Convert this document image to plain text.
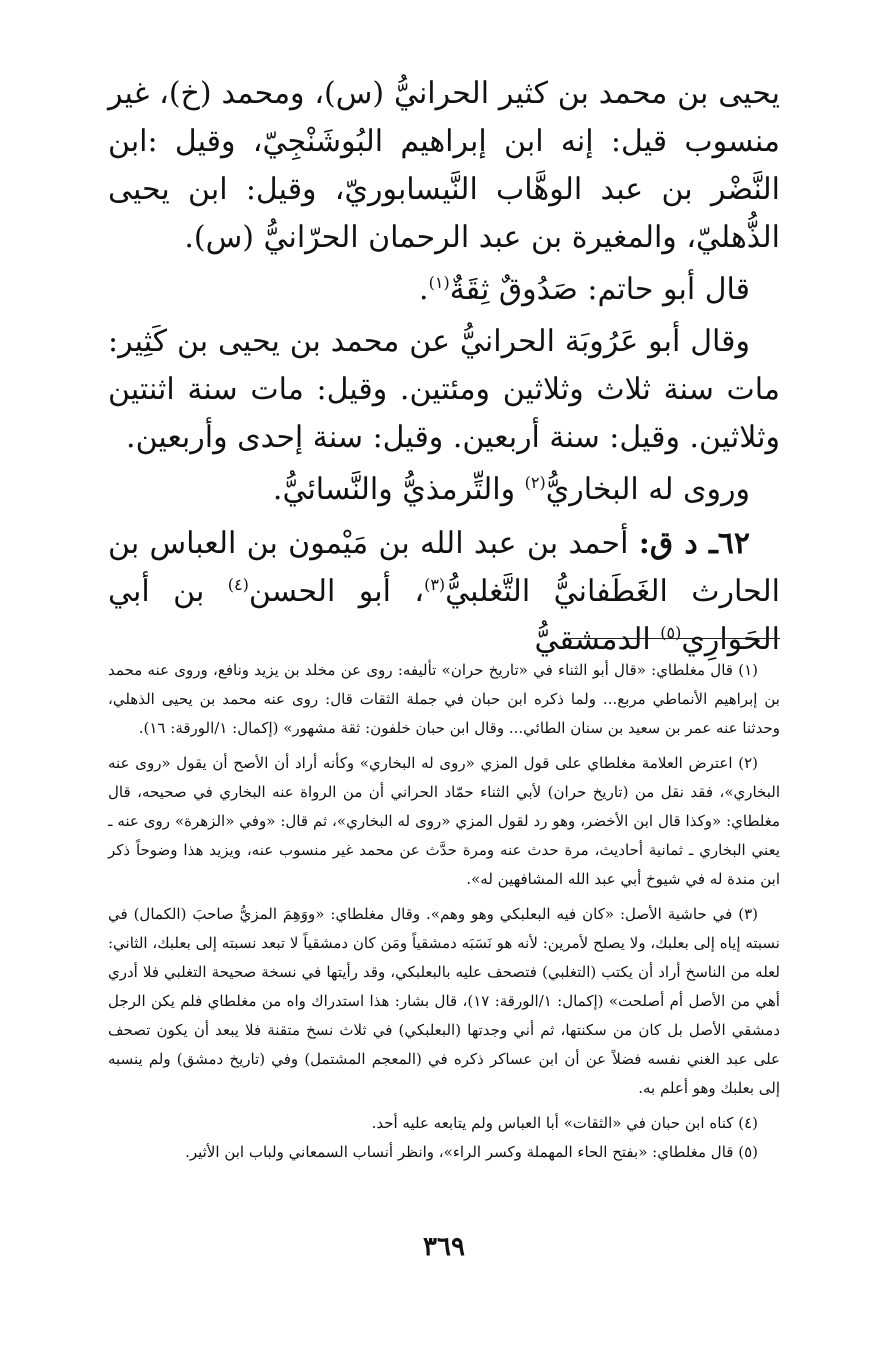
يحيى بن محمد بن كثير الحرانيُّ (س)، ومحمد (خ)، غير منسوب قيل: إنه ابن إبراهيم البُوشَنْجِيّ، وقيل :ابن النَّضْر بن عبد الوهَّاب النَّيسابوريّ، وقيل: ابن يحيى الذُّهليّ، والمغيرة بن عبد الرحمان الحرّانيُّ (س).

قال أبو حاتم: صَدُوقٌ ثِقَةٌ$^{(١)}$.

وقال أبو عَرُوبَة الحرانيُّ عن محمد بن يحيى بن كَثِير: مات سنة ثلاث وثلاثين ومئتين. وقيل: مات سنة اثنتين وثلاثين. وقيل: سنة أربعين. وقيل: سنة إحدى وأربعين.

وروى له البخاريُّ$^{(٢)}$ والتِّرمذيُّ والنَّسائيُّ.

٦٢ـ د ق: أحمد بن عبد الله بن مَيْمون بن العباس بن الحارث الغَطَفانيُّ التَّغلبيُّ$^{(٣)}$، أبو الحسن$^{(٤)}$ بن أبي الحَوارِي$^{(٥)}$ الدمشقيُّ

(١) قال مغلطاي: «قال أبو الثناء في «تاريخ حران» تأليفه: روى عن مخلد بن يزيد ونافع، وروى عنه محمد بن إبراهيم الأنماطي مربع... ولما ذكره ابن حبان في جملة الثقات قال: روى عنه محمد بن يحيى الذهلي، وحدثنا عنه عمر بن سعيد بن سنان الطائي... وقال ابن حبان خلفون: ثقة مشهور» (إكمال: ١/الورقة: ١٦).

(٢) اعترض العلامة مغلطاي على قول المزي «روى له البخاري» وكأنه أراد أن الأصح أن يقول «روى عنه البخاري»، فقد نقل من (تاريخ حران) لأبي الثناء حمّاد الحراني أن من الرواة عنه البخاري في صحيحه، قال مغلطاي: «وكذا قال ابن الأخضر، وهو رد لقول المزي «روى له البخاري»، ثم قال: «وفي «الزهرة» روى عنه ـ يعني البخاري ـ ثمانية أحاديث، مرة حدث عنه ومرة حدَّث عن محمد غير منسوب عنه، ويزيد هذا وضوحاً ذكر ابن مندة له في شيوخ أبي عبد الله المشافهين له».

(٣) في حاشية الأصل: «كان فيه البعلبكي وهو وهم». وقال مغلطاي: «ووَهِمَ المزيُّ صاحبَ (الكمال) في نسبته إياه إلى بعلبك، ولا يصلح لأمرين: لأنه هو نَسَبَه دمشقياً ومَن كان دمشقياً لا تبعد نسبته إلى بعلبك، الثاني: لعله من الناسخ أراد أن يكتب (التغلبي) فتصحف عليه بالبعلبكي، وقد رأيتها في نسخة صحيحة التغلبي فلا أدري أهي من الأصل أم أصلحت» (إكمال: ١/الورقة: ١٧)، قال بشار: هذا استدراك واه من مغلطاي فلم يكن الرجل دمشقي الأصل بل كان من سكنتها، ثم أني وجدتها (البعلبكي) في ثلاث نسخ متقنة فلا يبعد أن يكون تصحف على عبد الغني نفسه فضلاً عن أن ابن عساكر ذكره في (المعجم المشتمل) وفي (تاريخ دمشق) ولم ينسبه إلى بعلبك وهو أعلم به.

(٤) كناه ابن حبان في «الثقات» أبا العباس ولم يتابعه عليه أحد.

(٥) قال مغلطاي: «بفتح الحاء المهملة وكسر الراء»، وانظر أنساب السمعاني ولباب ابن الأثير.

٣٦٩
